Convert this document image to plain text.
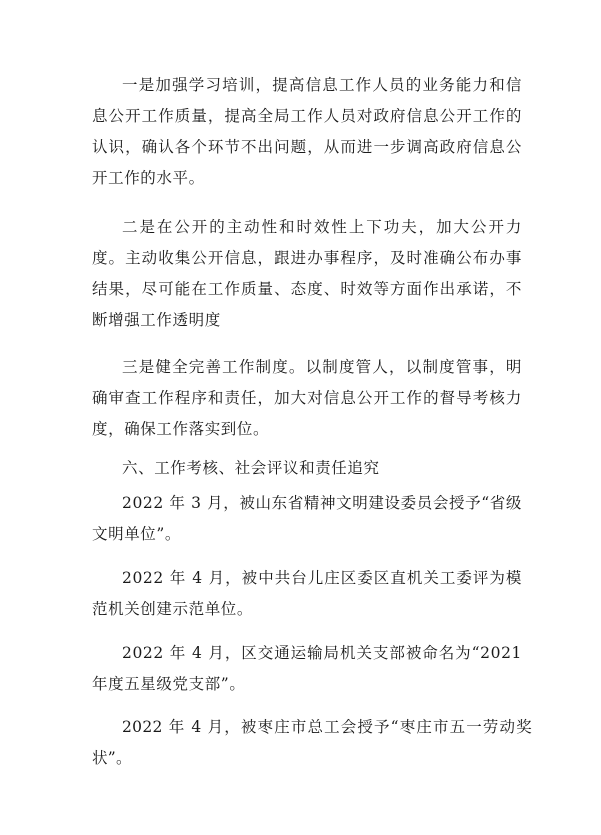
一是加强学习培训，提高信息工作人员的业务能力和信息公开工作质量，提高全局工作人员对政府信息公开工作的认识，确认各个环节不出问题，从而进一步调高政府信息公开工作的水平。

二是在公开的主动性和时效性上下功夫，加大公开力度。主动收集公开信息，跟进办事程序，及时准确公布办事结果，尽可能在工作质量、态度、时效等方面作出承诺，不断增强工作透明度

三是健全完善工作制度。以制度管人，以制度管事，明确审查工作程序和责任，加大对信息公开工作的督导考核力度，确保工作落实到位。

六、工作考核、社会评议和责任追究

2022 年 3 月，被山东省精神文明建设委员会授予“省级文明单位”。

2022 年 4 月，被中共台儿庄区委区直机关工委评为模范机关创建示范单位。

2022 年 4 月，区交通运输局机关支部被命名为“2021 年度五星级党支部”。

2022 年 4 月，被枣庄市总工会授予“枣庄市五一劳动奖状”。
